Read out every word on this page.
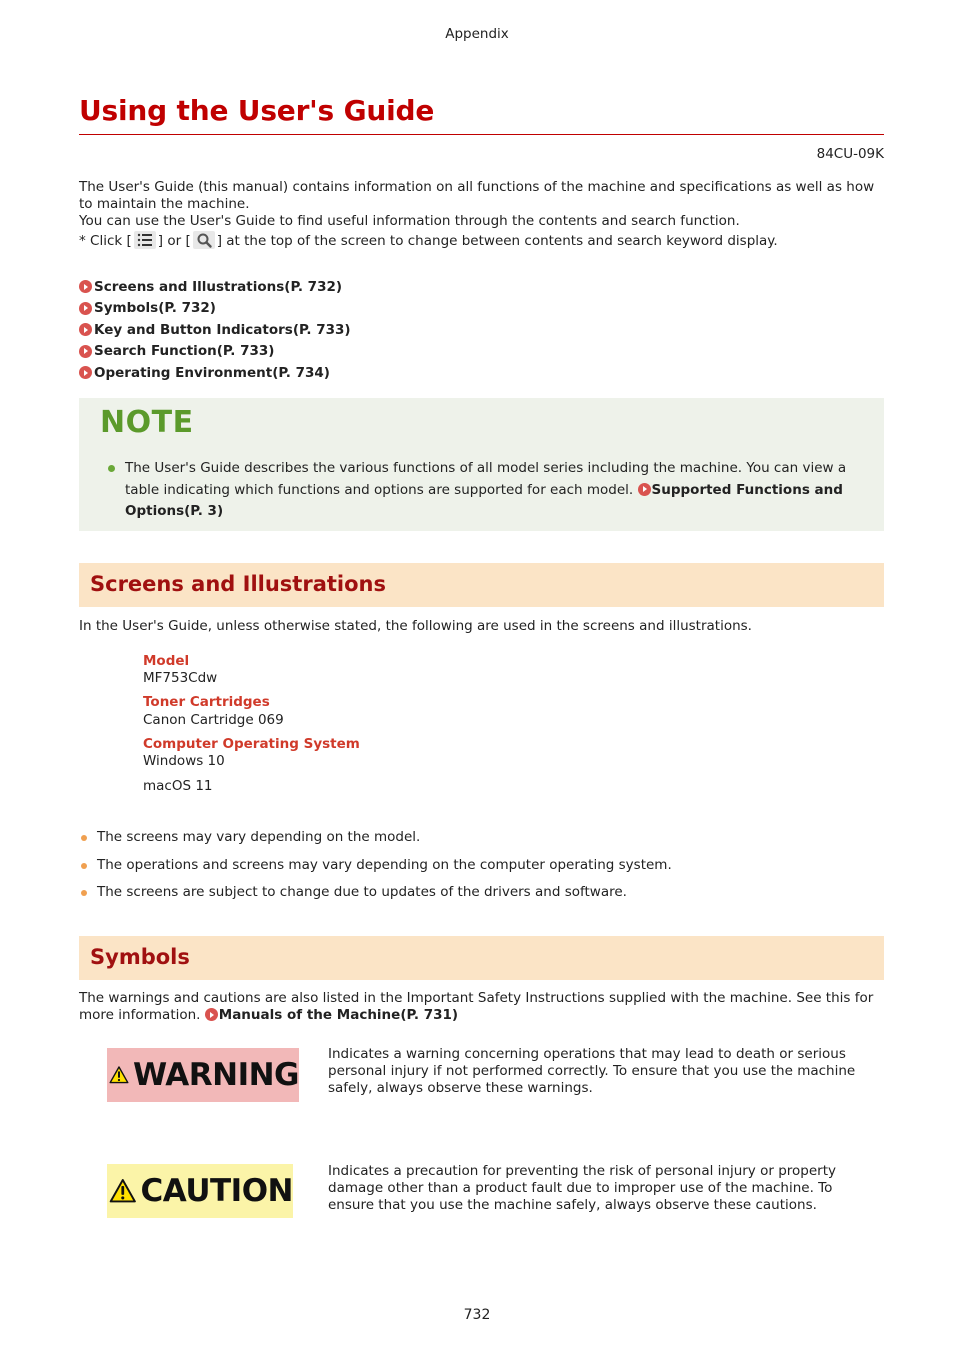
Appendix
Using the User's Guide
84CU-09K
The User's Guide (this manual) contains information on all functions of the machine and specifications as well as how to maintain the machine.
You can use the User's Guide to find useful information through the contents and search function.
* Click [ ] or [ ] at the top of the screen to change between contents and search keyword display.
Screens and Illustrations(P. 732)
Symbols(P. 732)
Key and Button Indicators(P. 733)
Search Function(P. 733)
Operating Environment(P. 734)
NOTE
The User's Guide describes the various functions of all model series including the machine. You can view a table indicating which functions and options are supported for each model. Supported Functions and Options(P. 3)
Screens and Illustrations
In the User's Guide, unless otherwise stated, the following are used in the screens and illustrations.
Model
MF753Cdw
Toner Cartridges
Canon Cartridge 069
Computer Operating System
Windows 10
macOS 11
The screens may vary depending on the model.
The operations and screens may vary depending on the computer operating system.
The screens are subject to change due to updates of the drivers and software.
Symbols
The warnings and cautions are also listed in the Important Safety Instructions supplied with the machine. See this for more information. Manuals of the Machine(P. 731)
WARNING
Indicates a warning concerning operations that may lead to death or serious personal injury if not performed correctly. To ensure that you use the machine safely, always observe these warnings.
CAUTION
Indicates a precaution for preventing the risk of personal injury or property damage other than a product fault due to improper use of the machine. To ensure that you use the machine safely, always observe these cautions.
732
